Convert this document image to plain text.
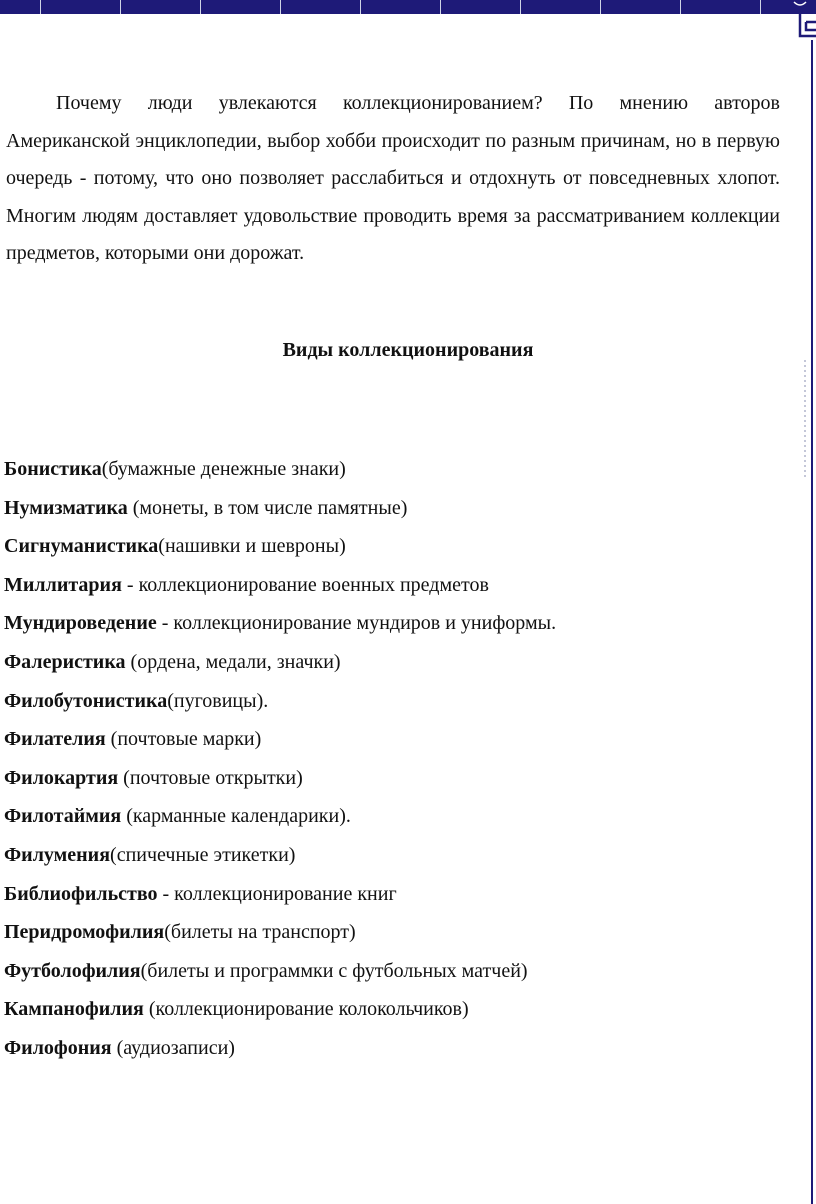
Почему люди увлекаются коллекционированием? По мнению авторов Американской энциклопедии, выбор хобби происходит по разным причинам, но в первую очередь - потому, что оно позволяет расслабиться и отдохнуть от повседневных хлопот. Многим людям доставляет удовольствие проводить время за рассматриванием коллекции предметов, которыми они дорожат.

Виды коллекционирования
Бонистика(бумажные денежные знаки)
Нумизматика (монеты, в том числе памятные)
Сигнуманистика(нашивки и шевроны)
Миллитария - коллекционирование военных предметов
Мундироведение - коллекционирование мундиров и униформы.
Фалеристика (ордена, медали, значки)
Филобутонистика(пуговицы).
Филателия (почтовые марки)
Филокартия (почтовые открытки)
Филотаймия (карманные календарики).
Филумения(спичечные этикетки)
Библиофильство - коллекционирование книг
Перидромофилия(билеты на транспорт)
Футболофилия(билеты и программки с футбольных матчей)
Кампанофилия (коллекционирование колокольчиков)
Филофония (аудиозаписи)
